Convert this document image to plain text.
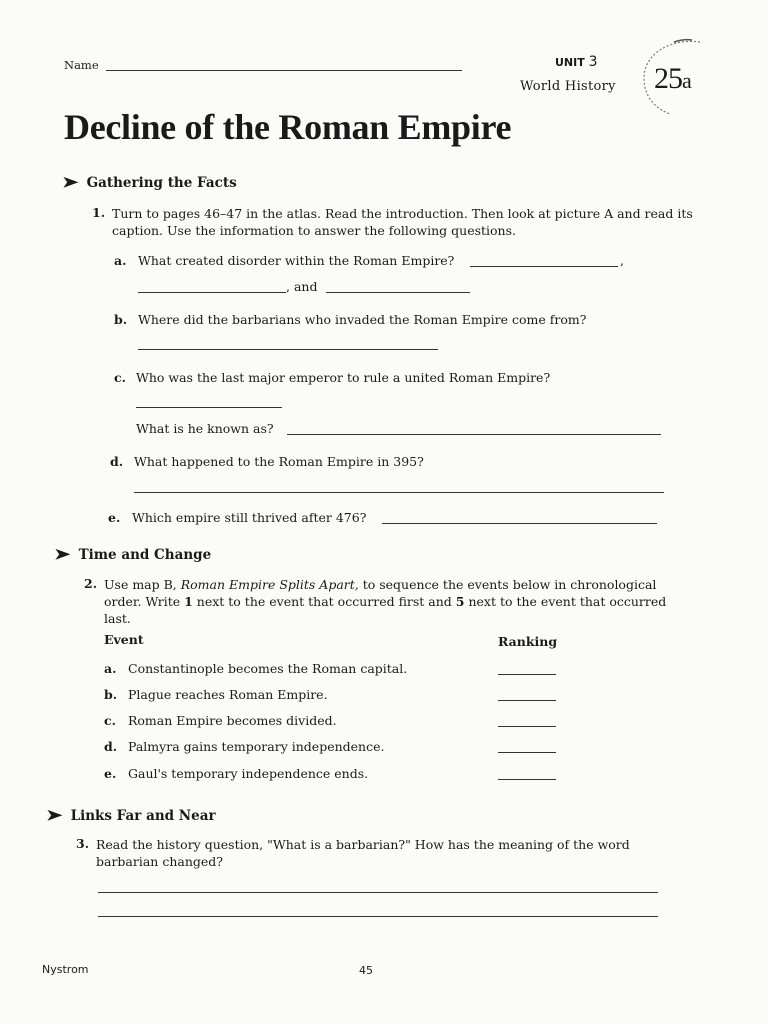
Name	UNIT 3
World History 25a
Decline of the Roman Empire
➤ Gathering the Facts
1. Turn to pages 46–47 in the atlas. Read the introduction. Then look at picture A and read its caption. Use the information to answer the following questions.
a. What created disorder within the Roman Empire?	,
, and
b. Where did the barbarians who invaded the Roman Empire come from?
c. Who was the last major emperor to rule a united Roman Empire?
What is he known as?
d. What happened to the Roman Empire in 395?
e. Which empire still thrived after 476?
➤ Time and Change
2. Use map B, Roman Empire Splits Apart, to sequence the events below in chronological order. Write 1 next to the event that occurred first and 5 next to the event that occurred last.
Event	Ranking
a. Constantinople becomes the Roman capital.
b. Plague reaches Roman Empire.
c. Roman Empire becomes divided.
d. Palmyra gains temporary independence.
e. Gaul's temporary independence ends.
➤ Links Far and Near
3. Read the history question, "What is a barbarian?" How has the meaning of the word barbarian changed?
Nystrom	45
